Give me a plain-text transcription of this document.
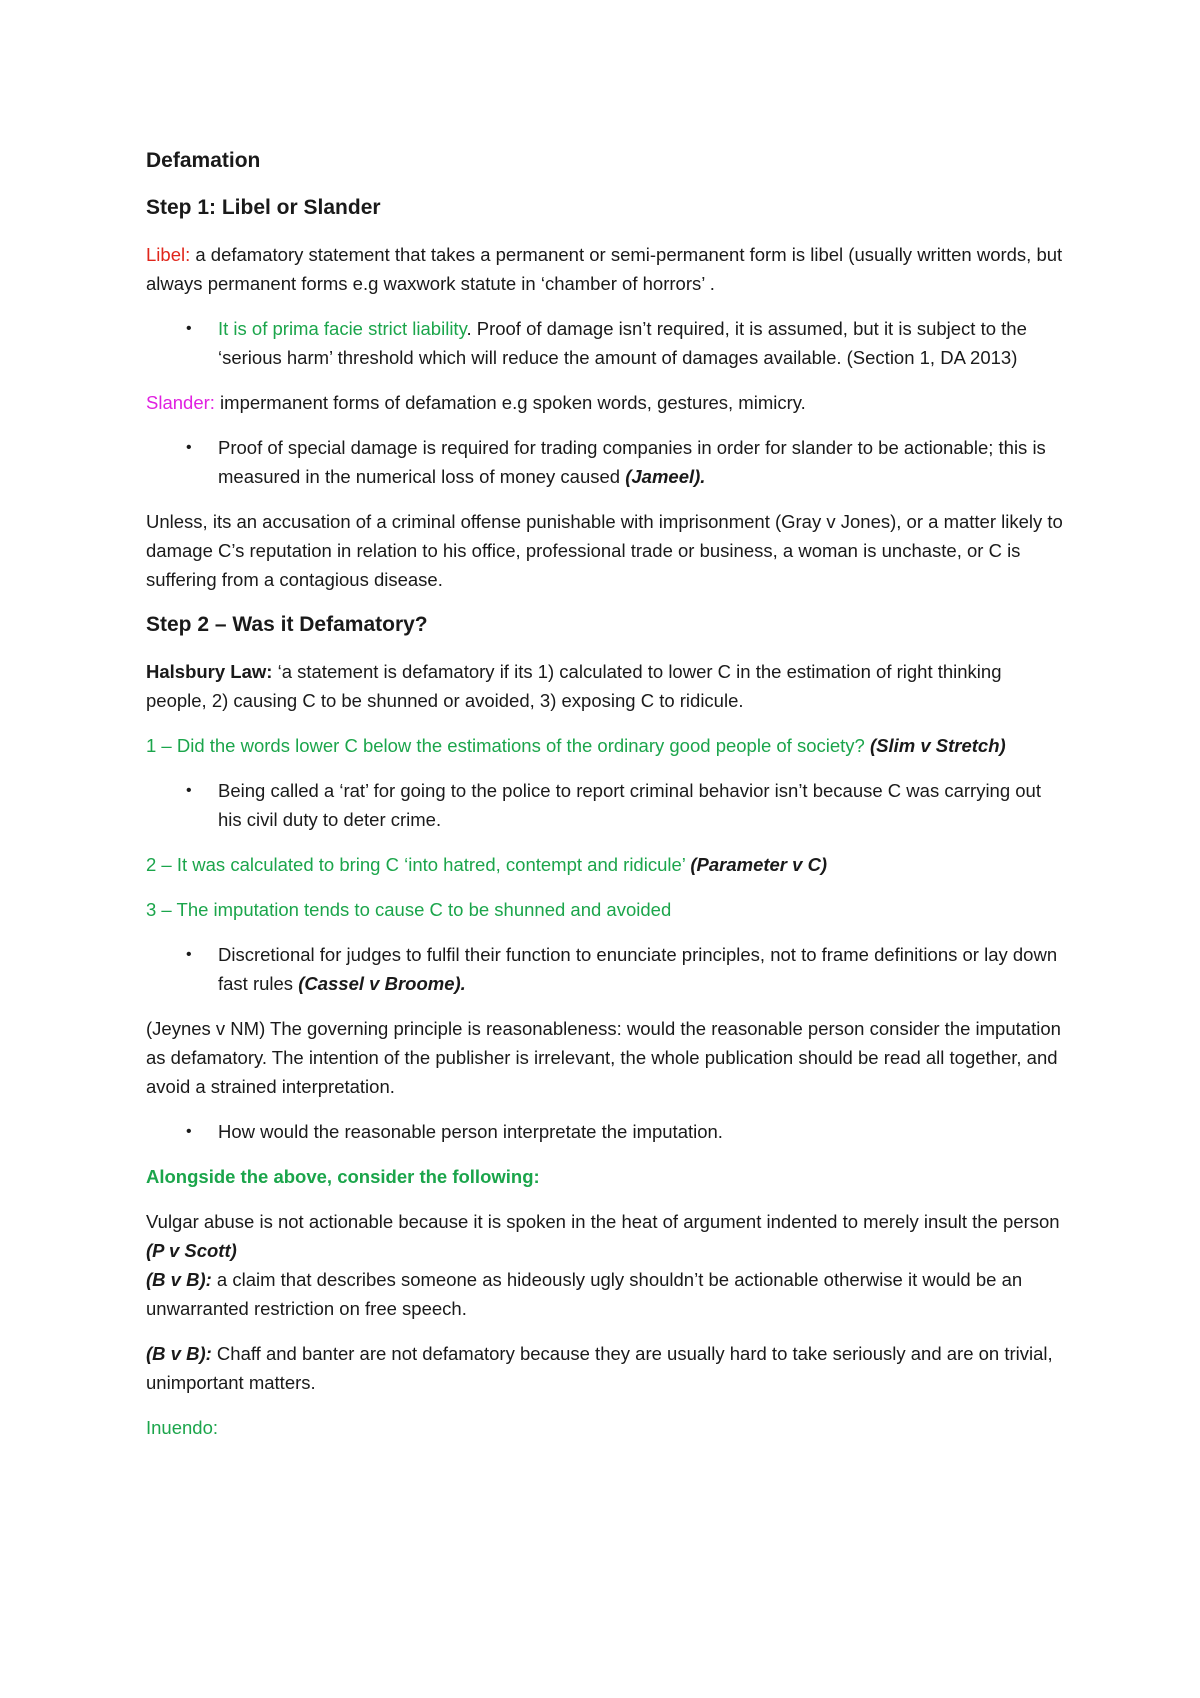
Defamation
Step 1: Libel or Slander

Libel: a defamatory statement that takes a permanent or semi-permanent form is libel (usually written words, but always permanent forms e.g waxwork statute in ‘chamber of horrors’ .

• It is of prima facie strict liability. Proof of damage isn’t required, it is assumed, but it is subject to the ‘serious harm’ threshold which will reduce the amount of damages available. (Section 1, DA 2013)

Slander: impermanent forms of defamation e.g spoken words, gestures, mimicry.

• Proof of special damage is required for trading companies in order for slander to be actionable; this is measured in the numerical loss of money caused (Jameel).

Unless, its an accusation of a criminal offense punishable with imprisonment (Gray v Jones), or a matter likely to damage C’s reputation in relation to his office, professional trade or business, a woman is unchaste, or C is suffering from a contagious disease.

Step 2 – Was it Defamatory?

Halsbury Law: ‘a statement is defamatory if its 1) calculated to lower C in the estimation of right thinking people, 2) causing C to be shunned or avoided, 3) exposing C to ridicule.

1 – Did the words lower C below the estimations of the ordinary good people of society? (Slim v Stretch)

• Being called a ‘rat’ for going to the police to report criminal behavior isn’t because C was carrying out his civil duty to deter crime.

2 – It was calculated to bring C ‘into hatred, contempt and ridicule’ (Parameter v C)

3 – The imputation tends to cause C to be shunned and avoided

• Discretional for judges to fulfil their function to enunciate principles, not to frame definitions or lay down fast rules (Cassel v Broome).

(Jeynes v NM) The governing principle is reasonableness: would the reasonable person consider the imputation as defamatory. The intention of the publisher is irrelevant, the whole publication should be read all together, and avoid a strained interpretation.

• How would the reasonable person interpretate the imputation.

Alongside the above, consider the following:

Vulgar abuse is not actionable because it is spoken in the heat of argument indented to merely insult the person (P v Scott)

(B v B): a claim that describes someone as hideously ugly shouldn’t be actionable otherwise it would be an unwarranted restriction on free speech.

(B v B): Chaff and banter are not defamatory because they are usually hard to take seriously and are on trivial, unimportant matters.

Inuendo:
